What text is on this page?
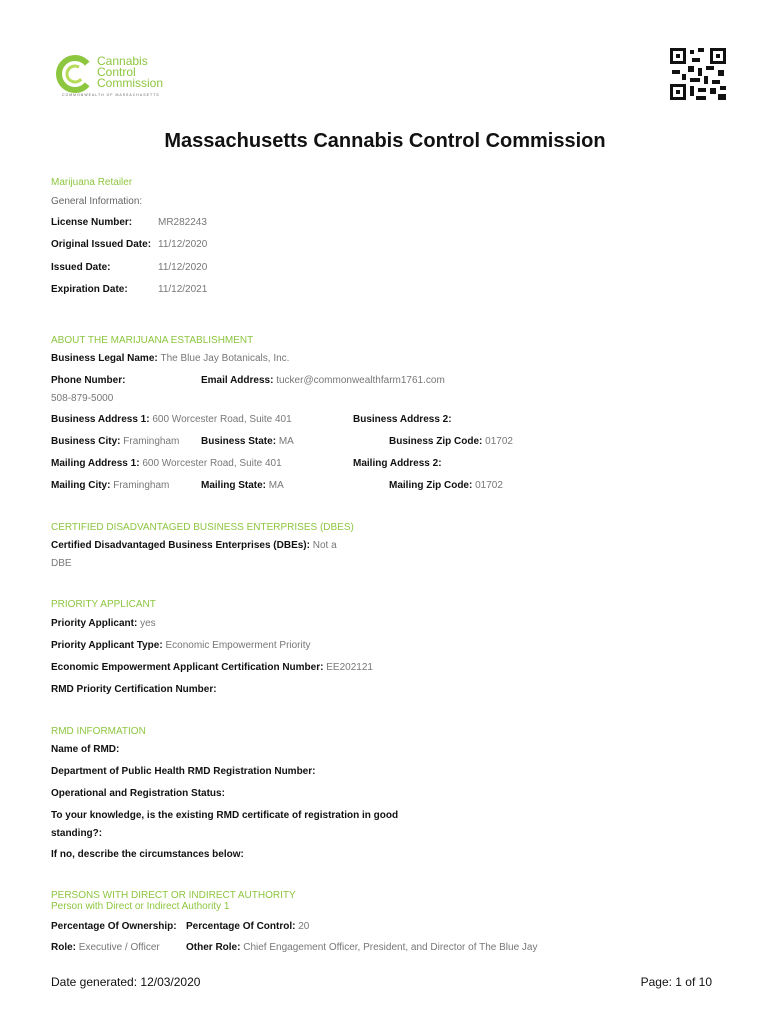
Cannabis
Control
Commission
COMMONWEALTH OF MASSACHUSETTS
Massachusetts Cannabis Control Commission
Marijuana Retailer
General Information:
License Number:	MR282243
Original Issued Date: 11/12/2020
Issued Date:	11/12/2020
Expiration Date:	11/12/2021
ABOUT THE MARIJUANA ESTABLISHMENT
Business Legal Name: The Blue Jay Botanicals, Inc.
Phone Number:
508-879-5000
Email Address: tucker@commonwealthfarm1761.com
Business Address 1: 600 Worcester Road, Suite 401	Business Address 2:
Business City: Framingham Business State: MA	Business Zip Code: 01702
Mailing Address 1: 600 Worcester Road, Suite 401	Mailing Address 2:
Mailing City: Framingham	Mailing State: MA	Mailing Zip Code: 01702
CERTIFIED DISADVANTAGED BUSINESS ENTERPRISES (DBES)
Certified Disadvantaged Business Enterprises (DBEs): Not a
DBE
PRIORITY APPLICANT
Priority Applicant: yes
Priority Applicant Type: Economic Empowerment Priority
Economic Empowerment Applicant Certification Number: EE202121
RMD Priority Certification Number:
RMD INFORMATION
Name of RMD:
Department of Public Health RMD Registration Number:
Operational and Registration Status:
To your knowledge, is the existing RMD certificate of registration in good
standing?:
If no, describe the circumstances below:
PERSONS WITH DIRECT OR INDIRECT AUTHORITY
Person with Direct or Indirect Authority 1
Percentage Of Ownership: Percentage Of Control: 20
Role: Executive / Officer	Other Role: Chief Engagement Officer, President, and Director of The Blue Jay
Date generated: 12/03/2020	Page: 1 of 10
